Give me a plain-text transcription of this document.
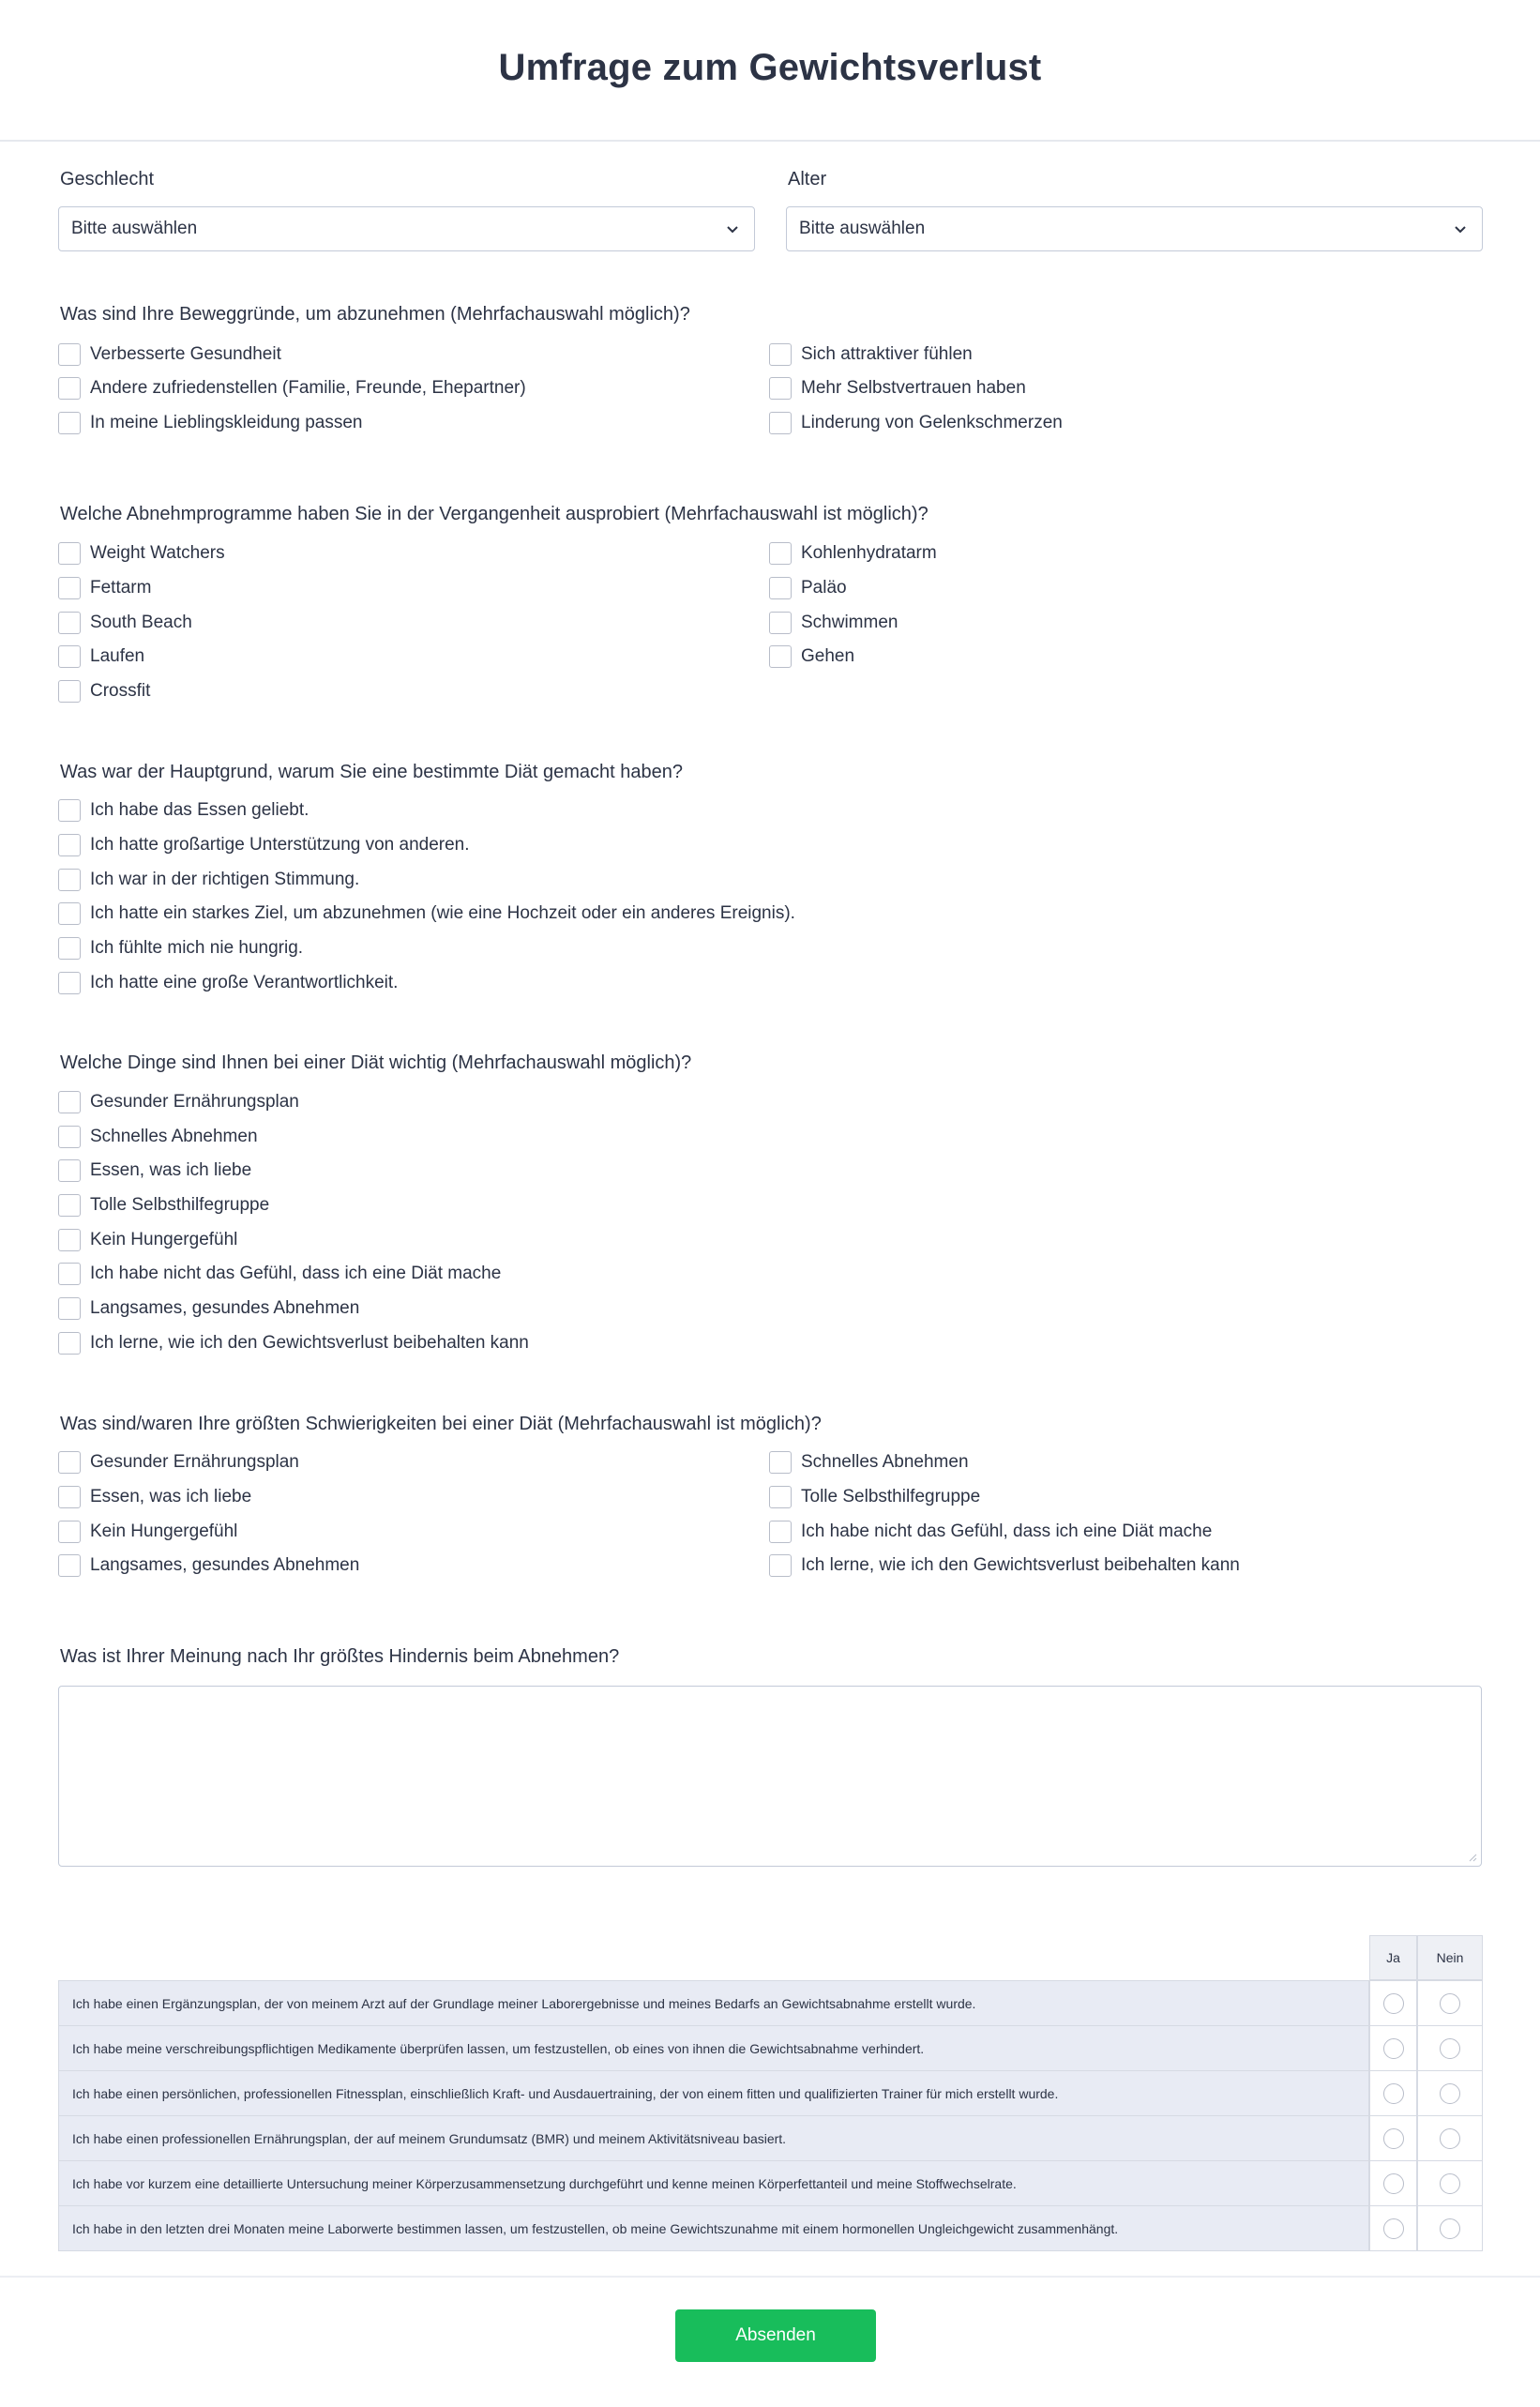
Umfrage zum Gewichtsverlust
Geschlecht
Bitte auswählen
Alter
Bitte auswählen
Was sind Ihre Beweggründe, um abzunehmen (Mehrfachauswahl möglich)?
Verbesserte Gesundheit
Andere zufriedenstellen (Familie, Freunde, Ehepartner)
In meine Lieblingskleidung passen
Sich attraktiver fühlen
Mehr Selbstvertrauen haben
Linderung von Gelenkschmerzen
Welche Abnehmprogramme haben Sie in der Vergangenheit ausprobiert (Mehrfachauswahl ist möglich)?
Weight Watchers
Fettarm
South Beach
Laufen
Crossfit
Kohlenhydratarm
Paläo
Schwimmen
Gehen
Was war der Hauptgrund, warum Sie eine bestimmte Diät gemacht haben?
Ich habe das Essen geliebt.
Ich hatte großartige Unterstützung von anderen.
Ich war in der richtigen Stimmung.
Ich hatte ein starkes Ziel, um abzunehmen (wie eine Hochzeit oder ein anderes Ereignis).
Ich fühlte mich nie hungrig.
Ich hatte eine große Verantwortlichkeit.
Welche Dinge sind Ihnen bei einer Diät wichtig (Mehrfachauswahl möglich)?
Gesunder Ernährungsplan
Schnelles Abnehmen
Essen, was ich liebe
Tolle Selbsthilfegruppe
Kein Hungergefühl
Ich habe nicht das Gefühl, dass ich eine Diät mache
Langsames, gesundes Abnehmen
Ich lerne, wie ich den Gewichtsverlust beibehalten kann
Was sind/waren Ihre größten Schwierigkeiten bei einer Diät (Mehrfachauswahl ist möglich)?
Gesunder Ernährungsplan
Essen, was ich liebe
Kein Hungergefühl
Langsames, gesundes Abnehmen
Schnelles Abnehmen
Tolle Selbsthilfegruppe
Ich habe nicht das Gefühl, dass ich eine Diät mache
Ich lerne, wie ich den Gewichtsverlust beibehalten kann
Was ist Ihrer Meinung nach Ihr größtes Hindernis beim Abnehmen?
Ja	Nein
Ich habe einen Ergänzungsplan, der von meinem Arzt auf der Grundlage meiner Laborergebnisse und meines Bedarfs an Gewichtsabnahme erstellt wurde.
Ich habe meine verschreibungspflichtigen Medikamente überprüfen lassen, um festzustellen, ob eines von ihnen die Gewichtsabnahme verhindert.
Ich habe einen persönlichen, professionellen Fitnessplan, einschließlich Kraft- und Ausdauertraining, der von einem fitten und qualifizierten Trainer für mich erstellt wurde.
Ich habe einen professionellen Ernährungsplan, der auf meinem Grundumsatz (BMR) und meinem Aktivitätsniveau basiert.
Ich habe vor kurzem eine detaillierte Untersuchung meiner Körperzusammensetzung durchgeführt und kenne meinen Körperfettanteil und meine Stoffwechselrate.
Ich habe in den letzten drei Monaten meine Laborwerte bestimmen lassen, um festzustellen, ob meine Gewichtszunahme mit einem hormonellen Ungleichgewicht zusammenhängt.
Absenden
